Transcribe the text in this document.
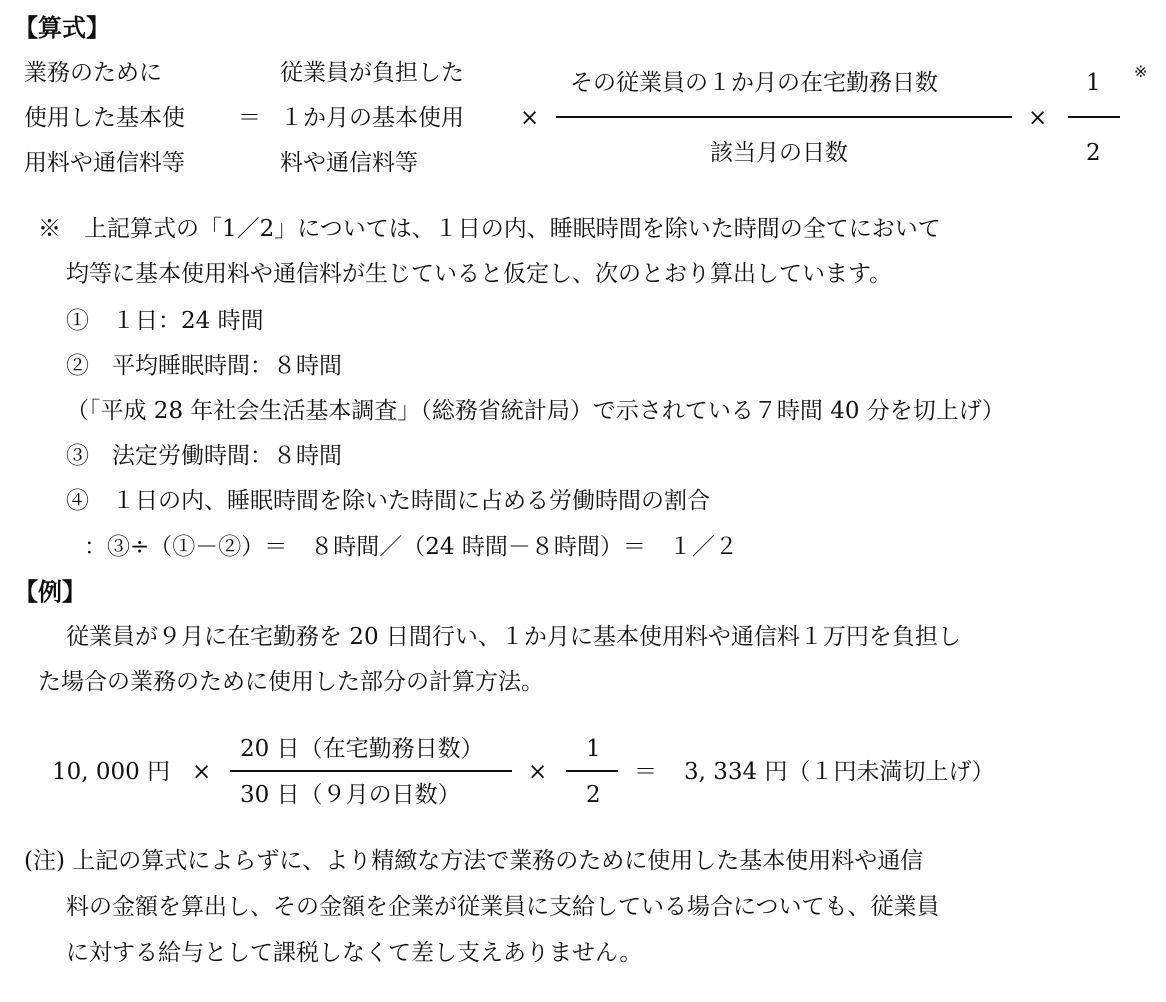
【算式】
業務のために
使用した基本使
用料や通信料等
＝
従業員が負担した
１か月の基本使用
料や通信料等
×
その従業員の１か月の在宅勤務日数
該当月の日数
×
1
2
※
※　上記算式の「1／2」については、１日の内、睡眠時間を除いた時間の全てにおいて
均等に基本使用料や通信料が生じていると仮定し、次のとおり算出しています。
①　１日：24 時間
②　平均睡眠時間：８時間
（「平成 28 年社会生活基本調査」（総務省統計局）で示されている７時間 40 分を切上げ）
③　法定労働時間：８時間
④　１日の内、睡眠時間を除いた時間に占める労働時間の割合
：③÷（①－②）＝　８時間／（24 時間－８時間）＝　１／２
【例】
従業員が９月に在宅勤務を 20 日間行い、１か月に基本使用料や通信料１万円を負担し
た場合の業務のために使用した部分の計算方法。
10, 000 円 ×
20 日（在宅勤務日数）
30 日（９月の日数）
×
1
2
＝ 3, 334 円（１円未満切上げ）
(注) 上記の算式によらずに、より精緻な方法で業務のために使用した基本使用料や通信
料の金額を算出し、その金額を企業が従業員に支給している場合についても、従業員
に対する給与として課税しなくて差し支えありません。
